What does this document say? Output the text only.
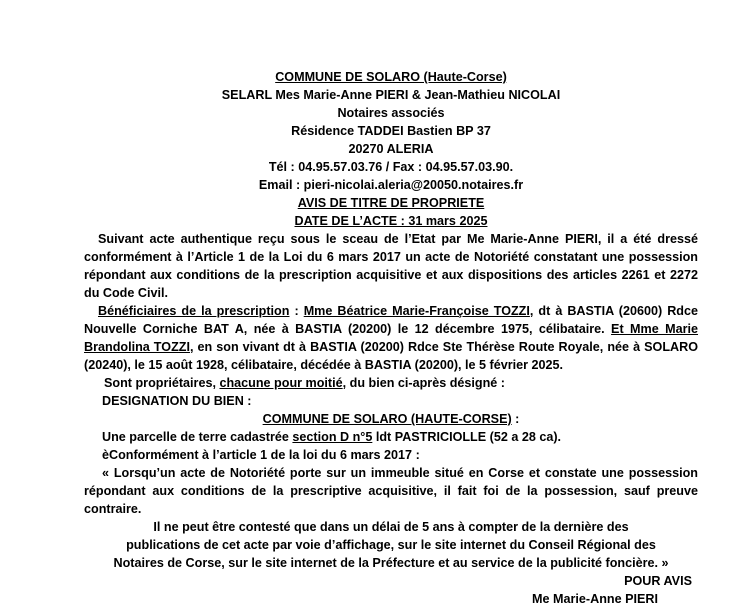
COMMUNE DE SOLARO (Haute-Corse)
SELARL Mes Marie-Anne PIERI & Jean-Mathieu NICOLAI
Notaires associés
Résidence TADDEI Bastien BP 37
20270 ALERIA
Tél : 04.95.57.03.76 / Fax : 04.95.57.03.90.
Email : pieri-nicolai.aleria@20050.notaires.fr
AVIS DE TITRE DE PROPRIETE
DATE DE L’ACTE : 31 mars 2025

Suivant acte authentique reçu sous le sceau de l’Etat par Me Marie-Anne PIERI, il a été dressé conformément à l’Article 1 de la Loi du 6 mars 2017 un acte de Notoriété constatant une possession répondant aux conditions de la prescription acquisitive et aux dispositions des articles 2261 et 2272 du Code Civil.

Bénéficiaires de la prescription : Mme Béatrice Marie-Françoise TOZZI, dt à BASTIA (20600) Rdce Nouvelle Corniche BAT A, née à BASTIA (20200) le 12 décembre 1975, célibataire. Et Mme Marie Brandolina TOZZI, en son vivant dt à BASTIA (20200) Rdce Ste Thérèse Route Royale, née à SOLARO (20240), le 15 août 1928, célibataire, décédée à BASTIA (20200), le 5 février 2025.

Sont propriétaires, chacune pour moitié, du bien ci-après désigné :
DESIGNATION DU BIEN :
COMMUNE DE SOLARO (HAUTE-CORSE) :
Une parcelle de terre cadastrée section D n°5 ldt PASTRICIOLLE (52 a 28 ca).
èConformément à l’article 1 de la loi du 6 mars 2017 :

« Lorsqu’un acte de Notoriété porte sur un immeuble situé en Corse et constate une possession répondant aux conditions de la prescriptive acquisitive, il fait foi de la possession, sauf preuve contraire.

Il ne peut être contesté que dans un délai de 5 ans à compter de la dernière des
publications de cet acte par voie d’affichage, sur le site internet du Conseil Régional des
Notaires de Corse, sur le site internet de la Préfecture et au service de la publicité foncière. »
POUR AVIS
Me Marie-Anne PIERI
